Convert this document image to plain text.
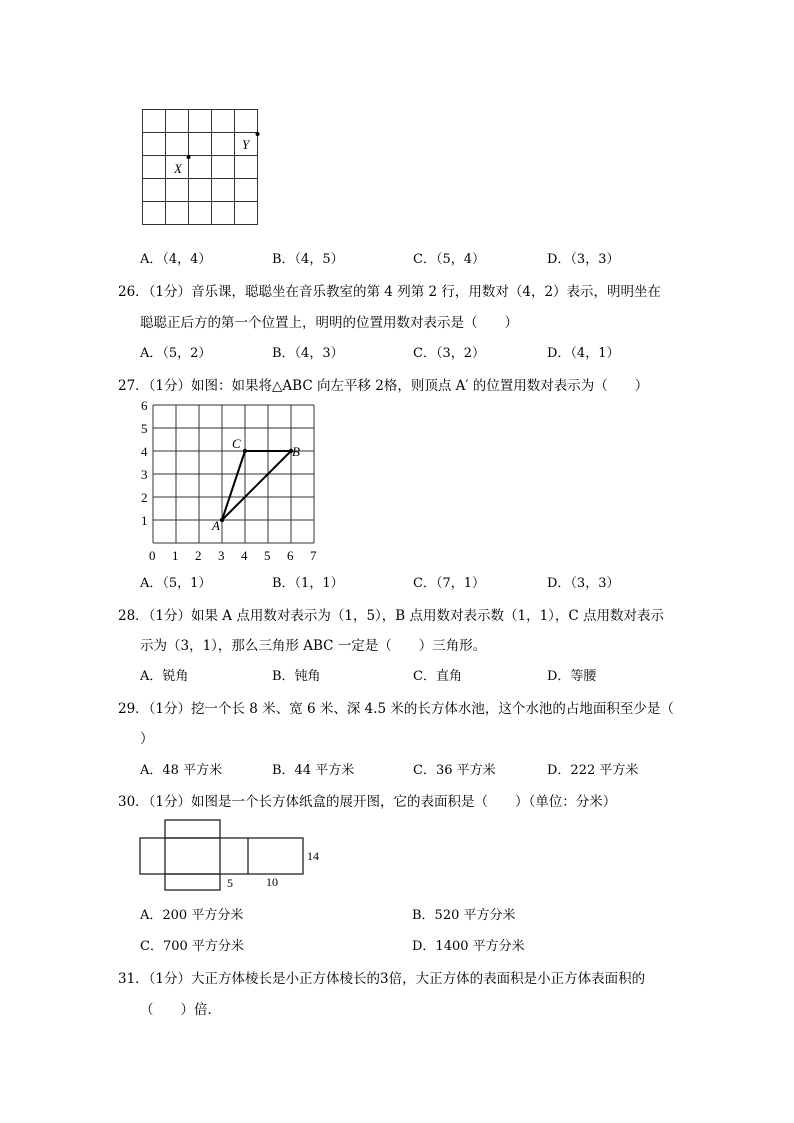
X
Y
A．（4，4）	B．（4，5）	C．（5，4）	D．（3，3）
26．（1分）音乐课，聪聪坐在音乐教室的第 4 列第 2 行，用数对（4，2）表示，明明坐在
聪聪正后方的第一个位置上，明明的位置用数对表示是（　　）
A．（5，2）	B．（4，3）	C．（3，2）	D．（4，1）
27．（1分）如图：如果将△ABC 向左平移 2格，则顶点 A′ 的位置用数对表示为（　　）
0 1 2 3 4 5 6 7
1
2
3
4
5
6
A
B
C
A．（5，1）	B．（1，1）	C．（7，1）	D．（3，3）
28．（1分）如果 A 点用数对表示为（1，5），B 点用数对表示数（1，1），C 点用数对表示
示为（3，1），那么三角形 ABC 一定是（　　）三角形。
A．锐角	B．钝角	C．直角	D．等腰
29．（1分）挖一个长 8 米、宽 6 米、深 4.5 米的长方体水池，这个水池的占地面积至少是（
）
A．48 平方米	B．44 平方米	C．36 平方米	D．222 平方米
30．（1分）如图是一个长方体纸盒的展开图，它的表面积是（　　）（单位：分米）
5	10
14
A．200 平方分米	B．520 平方分米
C．700 平方分米	D．1400 平方分米
31．（1分）大正方体棱长是小正方体棱长的3倍，大正方体的表面积是小正方体表面积的
（　　）倍.
